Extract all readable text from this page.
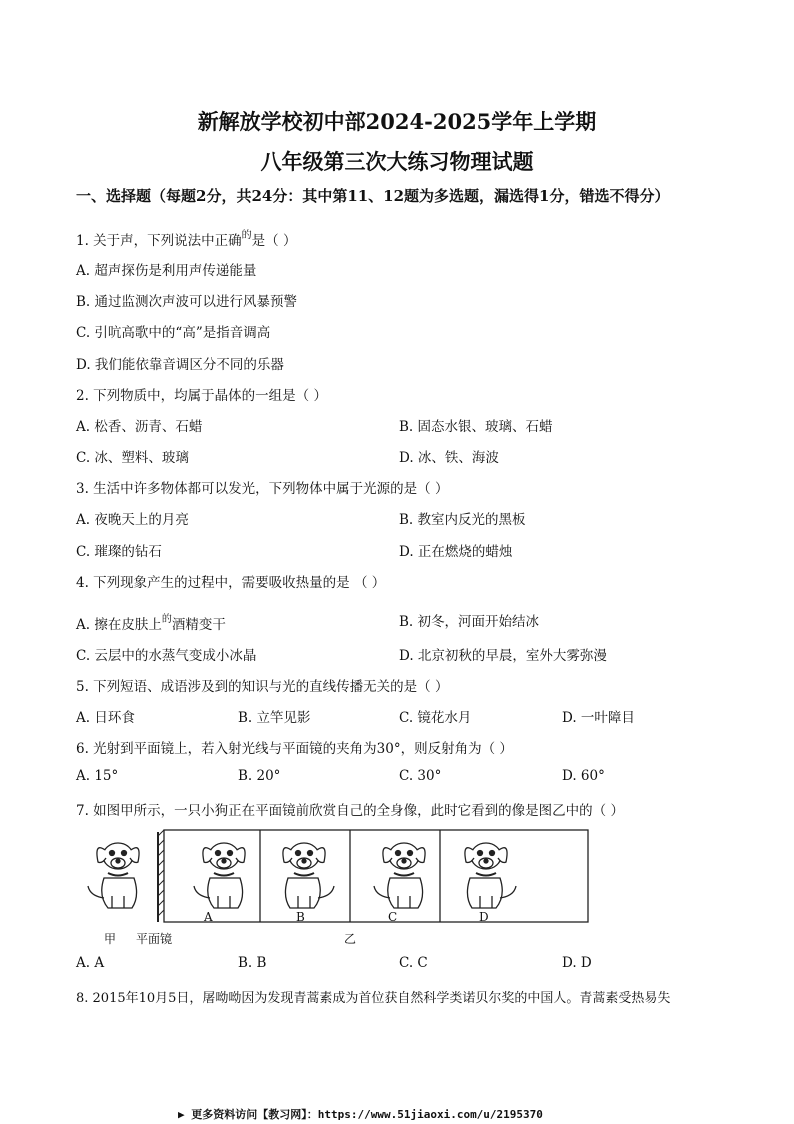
新解放学校初中部2024-2025学年上学期
八年级第三次大练习物理试题
一、选择题（每题2分，共24分：其中第11、12题为多选题，漏选得1分，错选不得分）
1. 关于声，下列说法中正确$^的$是（ ）
A. 超声探伤是利用声传递能量
B. 通过监测次声波可以进行风暴预警
C. 引吭高歌中的“高”是指音调高
D. 我们能依靠音调区分不同的乐器
2. 下列物质中，均属于晶体的一组是（ ）
A. 松香、沥青、石蜡	B. 固态水银、玻璃、石蜡
C. 冰、塑料、玻璃	D. 冰、铁、海波
3. 生活中许多物体都可以发光，下列物体中属于光源的是（ ）
A. 夜晚天上的月亮	B. 教室内反光的黑板
C. 璀璨的钻石	D. 正在燃烧的蜡烛
4. 下列现象产生的过程中，需要吸收热量的是 （ ）
A. 擦在皮肤上$^的$酒精变干	B. 初冬，河面开始结冰
C. 云层中的水蒸气变成小冰晶	D. 北京初秋的早晨，室外大雾弥漫
5. 下列短语、成语涉及到的知识与光的直线传播无关的是（ ）
A. 日环食	B. 立竿见影	C. 镜花水月	D. 一叶障目
6. 光射到平面镜上，若入射光线与平面镜的夹角为30°，则反射角为（ ）
A. 15°	B. 20°	C. 30°	D. 60°
7. 如图甲所示，一只小狗正在平面镜前欣赏自己的全身像，此时它看到的像是图乙中的（ ）
A	B	C	D
甲 平面镜	乙
A. A	B. B	C. C	D. D
8. 2015年10月5日，屠呦呦因为发现青蒿素成为首位获自然科学类诺贝尔奖的中国人。青蒿素受热易失
▶ 更多资料访问【教习网】：https://www.51jiaoxi.com/u/2195370
